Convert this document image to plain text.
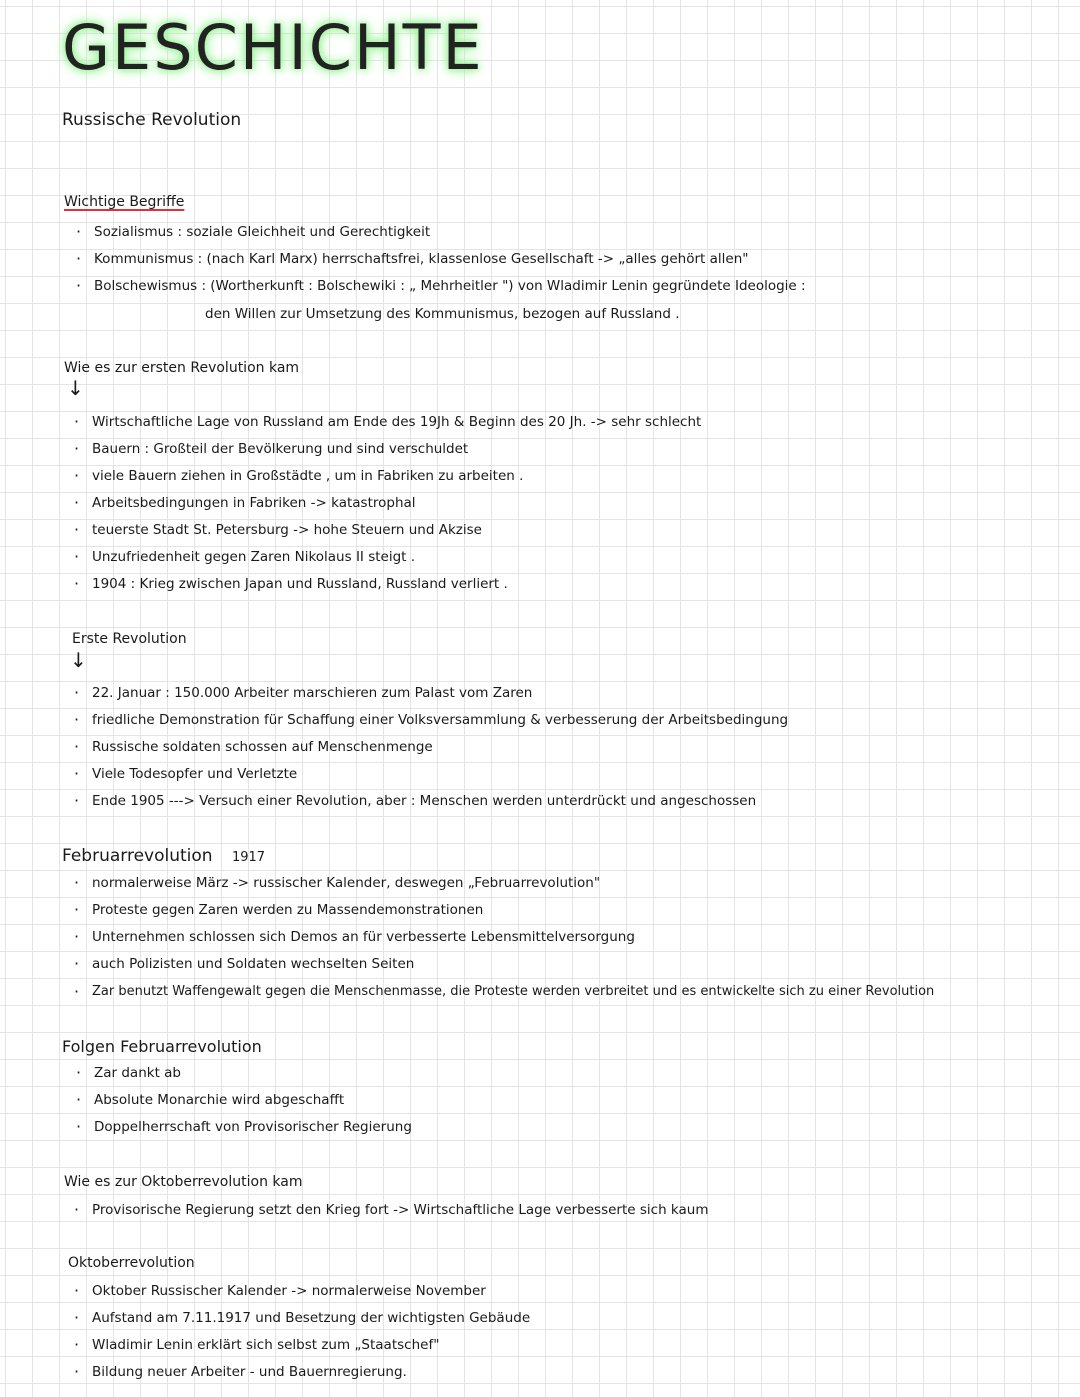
GESCHICHTE
Russische Revolution
Wichtige Begriffe
· Sozialismus : soziale Gleichheit und Gerechtigkeit
· Kommunismus : (nach Karl Marx) herrschaftsfrei, klassenlose Gesellschaft -> „alles gehört allen"
· Bolschewismus : (Wortherkunft : Bolschewiki : „ Mehrheitler ") von Wladimir Lenin gegründete Ideologie :
den Willen zur Umsetzung des Kommunismus, bezogen auf Russland .
Wie es zur ersten Revolution kam
↓
· Wirtschaftliche Lage von Russland am Ende des 19Jh & Beginn des 20 Jh. -> sehr schlecht
· Bauern : Großteil der Bevölkerung und sind verschuldet
· viele Bauern ziehen in Großstädte , um in Fabriken zu arbeiten .
· Arbeitsbedingungen in Fabriken -> katastrophal
· teuerste Stadt St. Petersburg -> hohe Steuern und Akzise
· Unzufriedenheit gegen Zaren Nikolaus II steigt .
· 1904 : Krieg zwischen Japan und Russland, Russland verliert .
Erste Revolution
↓
· 22. Januar : 150.000 Arbeiter marschieren zum Palast vom Zaren
· friedliche Demonstration für Schaffung einer Volksversammlung & verbesserung der Arbeitsbedingung
· Russische soldaten schossen auf Menschenmenge
· Viele Todesopfer und Verletzte
· Ende 1905 ---> Versuch einer Revolution, aber : Menschen werden unterdrückt und angeschossen
Februarrevolution 1917
· normalerweise März -> russischer Kalender, deswegen „Februarrevolution"
· Proteste gegen Zaren werden zu Massendemonstrationen
· Unternehmen schlossen sich Demos an für verbesserte Lebensmittelversorgung
· auch Polizisten und Soldaten wechselten Seiten
· Zar benutzt Waffengewalt gegen die Menschenmasse, die Proteste werden verbreitet und es entwickelte sich zu einer Revolution
Folgen Februarrevolution
· Zar dankt ab
· Absolute Monarchie wird abgeschafft
· Doppelherrschaft von Provisorischer Regierung
Wie es zur Oktoberrevolution kam
· Provisorische Regierung setzt den Krieg fort -> Wirtschaftliche Lage verbesserte sich kaum
Oktoberrevolution
· Oktober Russischer Kalender -> normalerweise November
· Aufstand am 7.11.1917 und Besetzung der wichtigsten Gebäude
· Wladimir Lenin erklärt sich selbst zum „Staatschef"
· Bildung neuer Arbeiter - und Bauernregierung.
